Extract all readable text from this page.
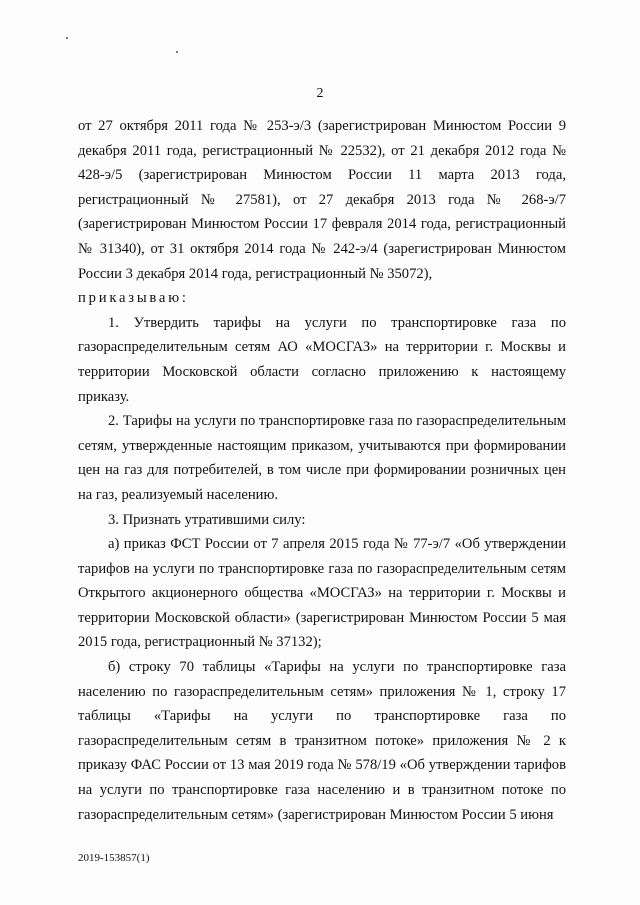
2

от 27 октября 2011 года № 253-э/3 (зарегистрирован Минюстом России 9 декабря 2011 года, регистрационный № 22532), от 21 декабря 2012 года № 428-э/5 (зарегистрирован Минюстом России 11 марта 2013 года, регистрационный № 27581), от 27 декабря 2013 года № 268-э/7 (зарегистрирован Минюстом России 17 февраля 2014 года, регистрационный № 31340), от 31 октября 2014 года № 242-э/4 (зарегистрирован Минюстом России 3 декабря 2014 года, регистрационный № 35072),

приказываю:

1. Утвердить тарифы на услуги по транспортировке газа по газораспределительным сетям АО «МОСГАЗ» на территории г. Москвы и территории Московской области согласно приложению к настоящему приказу.

2. Тарифы на услуги по транспортировке газа по газораспределительным сетям, утвержденные настоящим приказом, учитываются при формировании цен на газ для потребителей, в том числе при формировании розничных цен на газ, реализуемый населению.

3. Признать утратившими силу:

а) приказ ФСТ России от 7 апреля 2015 года № 77-э/7 «Об утверждении тарифов на услуги по транспортировке газа по газораспределительным сетям Открытого акционерного общества «МОСГАЗ» на территории г. Москвы и территории Московской области» (зарегистрирован Минюстом России 5 мая 2015 года, регистрационный № 37132);

б) строку 70 таблицы «Тарифы на услуги по транспортировке газа населению по газораспределительным сетям» приложения № 1, строку 17 таблицы «Тарифы на услуги по транспортировке газа по газораспределительным сетям в транзитном потоке» приложения № 2 к приказу ФАС России от 13 мая 2019 года № 578/19 «Об утверждении тарифов на услуги по транспортировке газа населению и в транзитном потоке по газораспределительным сетям» (зарегистрирован Минюстом России 5 июня

2019-153857(1)
